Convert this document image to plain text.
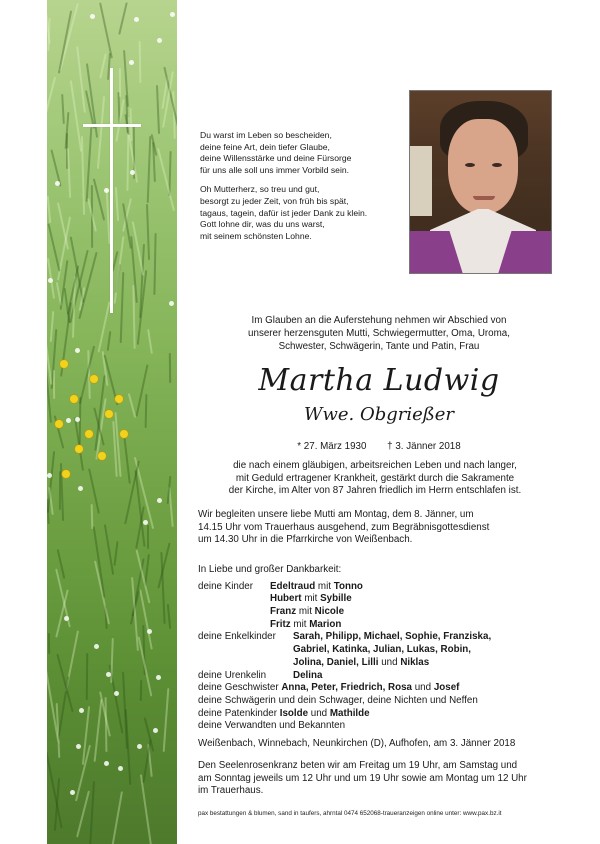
Du warst im Leben so bescheiden,
deine feine Art, dein tiefer Glaube,
deine Willensstärke und deine Fürsorge
für uns alle soll uns immer Vorbild sein.

Oh Mutterherz, so treu und gut,
besorgt zu jeder Zeit, von früh bis spät,
tagaus, tagein, dafür ist jeder Dank zu klein.
Gott lohne dir, was du uns warst,
mit seinem schönsten Lohne.

Im Glauben an die Auferstehung nehmen wir Abschied von
unserer herzensguten Mutti, Schwiegermutter, Oma, Uroma,
Schwester, Schwägerin, Tante und Patin, Frau
Martha Ludwig
Wwe. Obgrießer
* 27. März 1930 † 3. Jänner 2018
die nach einem gläubigen, arbeitsreichen Leben und nach langer,
mit Geduld ertragener Krankheit, gestärkt durch die Sakramente
der Kirche, im Alter von 87 Jahren friedlich im Herrn entschlafen ist.
Wir begleiten unsere liebe Mutti am Montag, dem 8. Jänner, um
14.15 Uhr vom Trauerhaus ausgehend, zum Begräbnisgottesdienst
um 14.30 Uhr in die Pfarrkirche von Weißenbach.
In Liebe und großer Dankbarkeit:
deine Kinder Edeltraud mit Tonno
Hubert mit Sybille
Franz mit Nicole
Fritz mit Marion
deine Enkelkinder Sarah, Philipp, Michael, Sophie, Franziska,
Gabriel, Katinka, Julian, Lukas, Robin,
Jolina, Daniel, Lilli und Niklas
deine Urenkelin	Delina
deine Geschwister Anna, Peter, Friedrich, Rosa und Josef
deine Schwägerin und dein Schwager, deine Nichten und Neffen
deine Patenkinder Isolde und Mathilde
deine Verwandten und Bekannten
Weißenbach, Winnebach, Neunkirchen (D), Aufhofen, am 3. Jänner 2018
Den Seelenrosenkranz beten wir am Freitag um 19 Uhr, am Samstag und
am Sonntag jeweils um 12 Uhr und um 19 Uhr sowie am Montag um 12 Uhr
im Trauerhaus.
pax bestattungen & blumen, sand in taufers, ahrntal 0474 652068-traueranzeigen online unter: www.pax.bz.it
